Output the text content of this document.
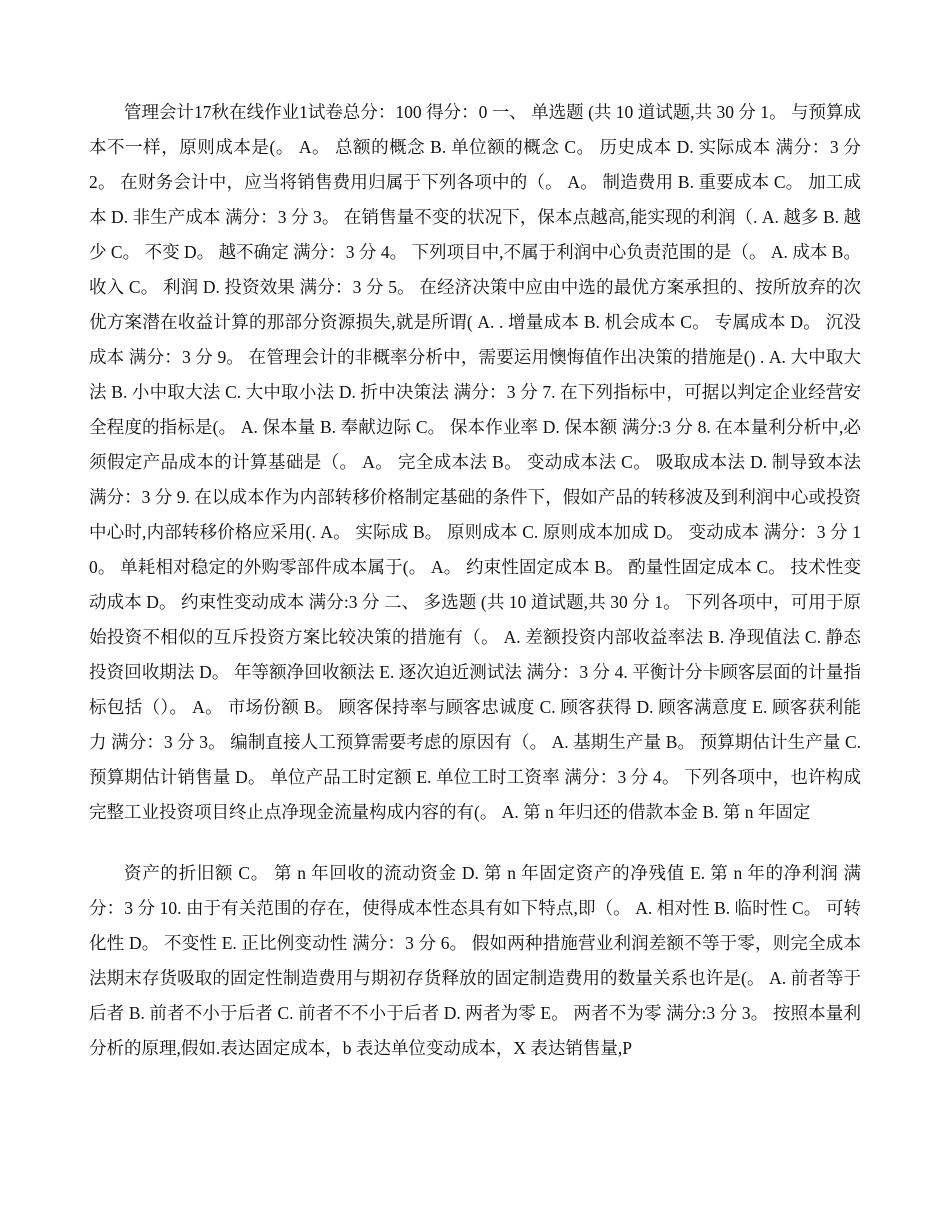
管理会计17秋在线作业1试卷总分：100 得分：0 一、 单选题 (共 10 道试题,共 30 分 1。 与预算成本不一样，原则成本是(。 A。 总额的概念 B. 单位额的概念 C。 历史成本 D. 实际成本 满分：3 分 2。 在财务会计中，应当将销售费用归属于下列各项中的（。 A。 制造费用 B. 重要成本 C。 加工成本 D. 非生产成本 满分：3 分 3。 在销售量不变的状况下，保本点越高,能实现的利润（. A. 越多 B. 越少 C。 不变 D。 越不确定 满分：3 分 4。 下列项目中,不属于利润中心负责范围的是（。 A. 成本 B。 收入 C。 利润 D. 投资效果 满分：3 分 5。 在经济决策中应由中选的最优方案承担的、按所放弃的次优方案潜在收益计算的那部分资源损失,就是所谓( A. . 增量成本 B. 机会成本 C。 专属成本 D。 沉没成本 满分：3 分 9。 在管理会计的非概率分析中，需要运用懊悔值作出决策的措施是() . A. 大中取大法 B. 小中取大法 C. 大中取小法 D. 折中决策法 满分：3 分 7. 在下列指标中，可据以判定企业经营安全程度的指标是(。 A. 保本量 B. 奉献边际 C。 保本作业率 D. 保本额 满分:3 分 8. 在本量利分析中,必须假定产品成本的计算基础是（。 A。 完全成本法 B。 变动成本法 C。 吸取成本法 D. 制导致本法 满分：3 分 9. 在以成本作为内部转移价格制定基础的条件下，假如产品的转移波及到利润中心或投资中心时,内部转移价格应采用(. A。 实际成 B。 原则成本 C. 原则成本加成 D。 变动成本 满分：3 分 10。 单耗相对稳定的外购零部件成本属于(。 A。 约束性固定成本 B。 酌量性固定成本 C。 技术性变动成本 D。 约束性变动成本 满分:3 分 二、 多选题 (共 10 道试题,共 30 分 1。 下列各项中，可用于原始投资不相似的互斥投资方案比较决策的措施有（。 A. 差额投资内部收益率法 B. 净现值法 C. 静态投资回收期法 D。 年等额净回收额法 E. 逐次迫近测试法 满分：3 分 4. 平衡计分卡顾客层面的计量指标包括（）。 A。 市场份额 B。 顾客保持率与顾客忠诚度 C. 顾客获得 D. 顾客满意度 E. 顾客获利能力 满分：3 分 3。 编制直接人工预算需要考虑的原因有（。 A. 基期生产量 B。 预算期估计生产量 C. 预算期估计销售量 D。 单位产品工时定额 E. 单位工时工资率 满分：3 分 4。 下列各项中，也许构成完整工业投资项目终止点净现金流量构成内容的有(。 A. 第 n 年归还的借款本金 B. 第 n 年固定

资产的折旧额 C。 第 n 年回收的流动资金 D. 第 n 年固定资产的净残值 E. 第 n 年的净利润 满分：3 分 10. 由于有关范围的存在，使得成本性态具有如下特点,即（。 A. 相对性 B. 临时性 C。 可转化性 D。 不变性 E. 正比例变动性 满分：3 分 6。 假如两种措施营业利润差额不等于零，则完全成本法期末存货吸取的固定性制造费用与期初存货释放的固定制造费用的数量关系也许是(。 A. 前者等于后者 B. 前者不小于后者 C. 前者不不小于后者 D. 两者为零 E。 两者不为零 满分:3 分 3。 按照本量利分析的原理,假如.表达固定成本，b 表达单位变动成本，X 表达销售量,P
